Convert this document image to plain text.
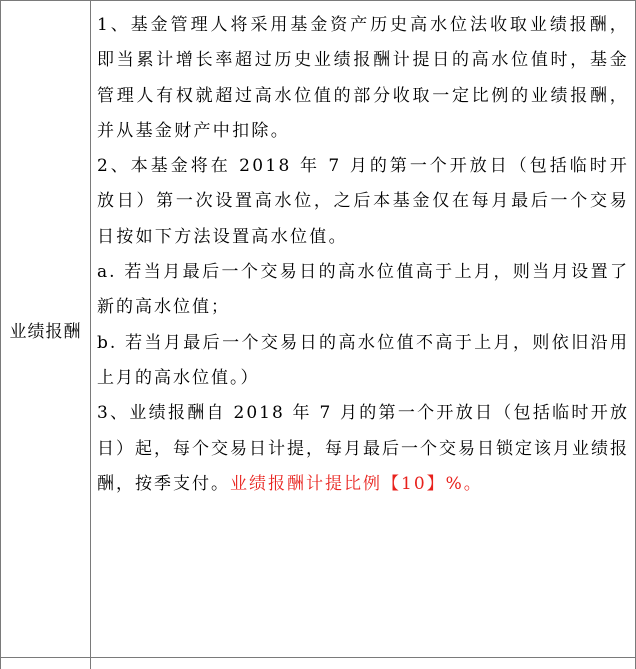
业绩报酬

1、基金管理人将采用基金资产历史高水位法收取业绩报酬，即当累计增长率超过历史业绩报酬计提日的高水位值时，基金管理人有权就超过高水位值的部分收取一定比例的业绩报酬，并从基金财产中扣除。

2、本基金将在 2018 年 7 月的第一个开放日（包括临时开放日）第一次设置高水位，之后本基金仅在每月最后一个交易日按如下方法设置高水位值。

a. 若当月最后一个交易日的高水位值高于上月，则当月设置了新的高水位值；

b. 若当月最后一个交易日的高水位值不高于上月，则依旧沿用上月的高水位值。）

3、业绩报酬自 2018 年 7 月的第一个开放日（包括临时开放日）起，每个交易日计提，每月最后一个交易日锁定该月业绩报酬，按季支付。业绩报酬计提比例【10】%。
